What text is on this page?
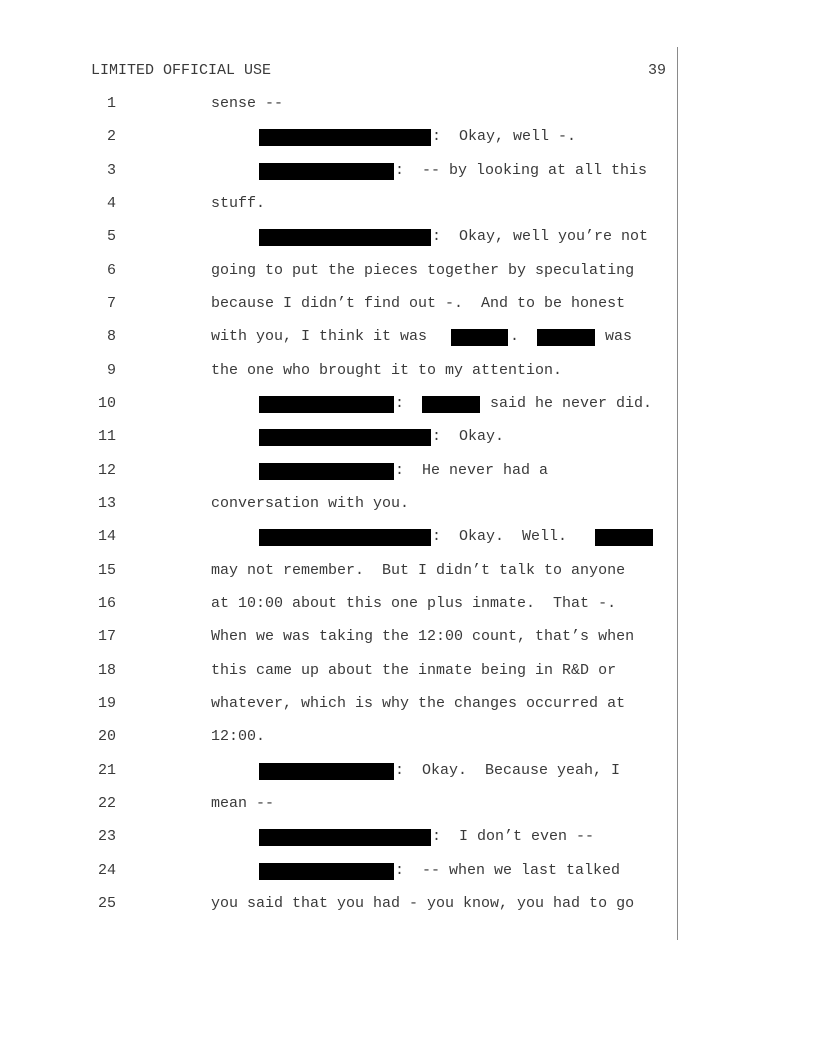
LIMITED OFFICIAL USE	39
1	sense --
2	:  Okay, well -.
3	:  -- by looking at all this
4	stuff.
5	:  Okay, well you’re not
6	going to put the pieces together by speculating
7	because I didn’t find out -.  And to be honest
8	with you, I think it was	.	was
9	the one who brought it to my attention.
10	:	said he never did.
11	:  Okay.
12	:  He never had a
13	conversation with you.
14	:  Okay.  Well.
15	may not remember.  But I didn’t talk to anyone
16	at 10:00 about this one plus inmate.  That -.
17	When we was taking the 12:00 count, that’s when
18	this came up about the inmate being in R&D or
19	whatever, which is why the changes occurred at
20	12:00.
21	:  Okay.  Because yeah, I
22	mean --
23	:  I don’t even --
24	:  -- when we last talked
25	you said that you had - you know, you had to go
